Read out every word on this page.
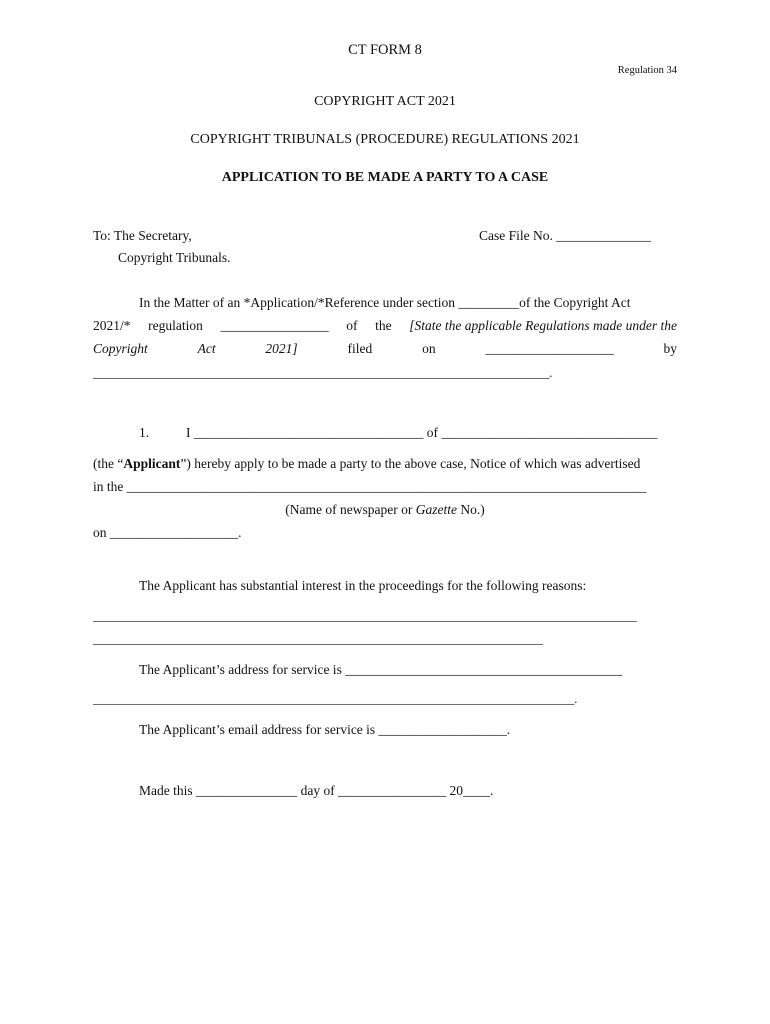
CT FORM 8
Regulation 34
COPYRIGHT ACT 2021
COPYRIGHT TRIBUNALS (PROCEDURE) REGULATIONS 2021
APPLICATION TO BE MADE A PARTY TO A CASE
To: The Secretary,	Case File No. ______________
Copyright Tribunals.
In the Matter of an *Application/*Reference under section _________of the Copyright Act
2021/* regulation ________________ of the [State the applicable Regulations made under the
Copyright	Act	2021]	filed	on	___________________	by
_________________________________________________________________________.
1.	I __________________________________ of ________________________________
(the “Applicant”) hereby apply to be made a party to the above case, Notice of which was advertised
in the _____________________________________________________________________________
(Name of newspaper or Gazette No.)
on ___________________.
The Applicant has substantial interest in the proceedings for the following reasons:
_______________________________________________________________________________________
________________________________________________________________________
The Applicant’s address for service is _________________________________________
_____________________________________________________________________________.
The Applicant’s email address for service is ___________________.
Made this _______________ day of ________________ 20____.
